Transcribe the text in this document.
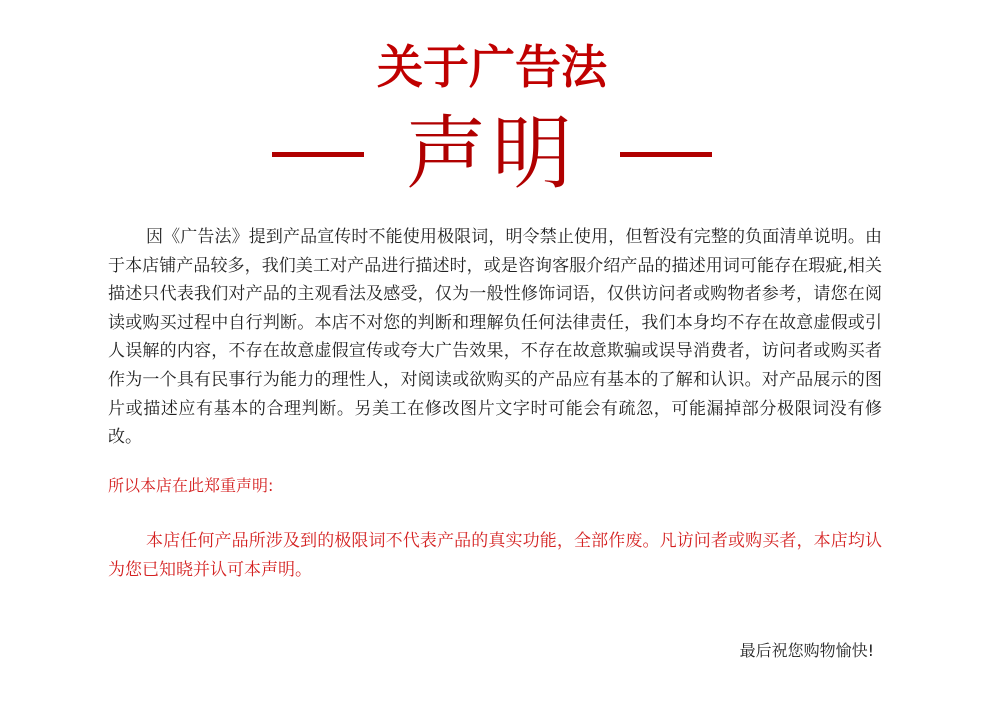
关于广告法
声明

因《广告法》提到产品宣传时不能使用极限词，明令禁止使用，但暂没有完整的负面清单说明。由于本店铺产品较多，我们美工对产品进行描述时，或是咨询客服介绍产品的描述用词可能存在瑕疵,相关描述只代表我们对产品的主观看法及感受，仅为一般性修饰词语，仅供访问者或购物者参考，请您在阅读或购买过程中自行判断。本店不对您的判断和理解负任何法律责任，我们本身均不存在故意虚假或引人误解的内容，不存在故意虚假宣传或夸大广告效果，不存在故意欺骗或误导消费者，访问者或购买者作为一个具有民事行为能力的理性人，对阅读或欲购买的产品应有基本的了解和认识。对产品展示的图片或描述应有基本的合理判断。另美工在修改图片文字时可能会有疏忽，可能漏掉部分极限词没有修改。

所以本店在此郑重声明:

本店任何产品所涉及到的极限词不代表产品的真实功能，全部作废。凡访问者或购买者，本店均认为您已知晓并认可本声明。

最后祝您购物愉快!
